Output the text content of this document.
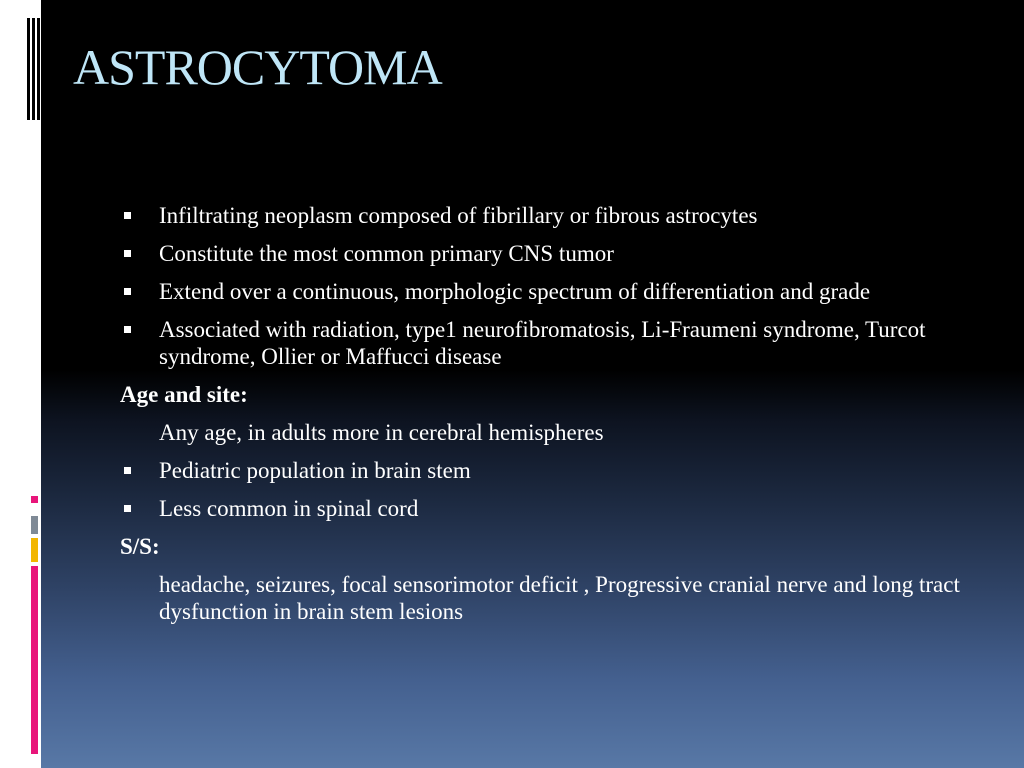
ASTROCYTOMA
Infiltrating neoplasm composed of fibrillary or fibrous astrocytes
Constitute the most common primary CNS tumor
Extend over a continuous, morphologic spectrum of differentiation and grade
Associated with radiation, type1 neurofibromatosis, Li-Fraumeni syndrome, Turcot syndrome, Ollier or Maffucci disease
Age and site:
Any age, in adults more in cerebral hemispheres
Pediatric population in brain stem
Less common in spinal cord
S/S:
headache, seizures, focal sensorimotor deficit , Progressive cranial nerve and long tract dysfunction in brain stem lesions
